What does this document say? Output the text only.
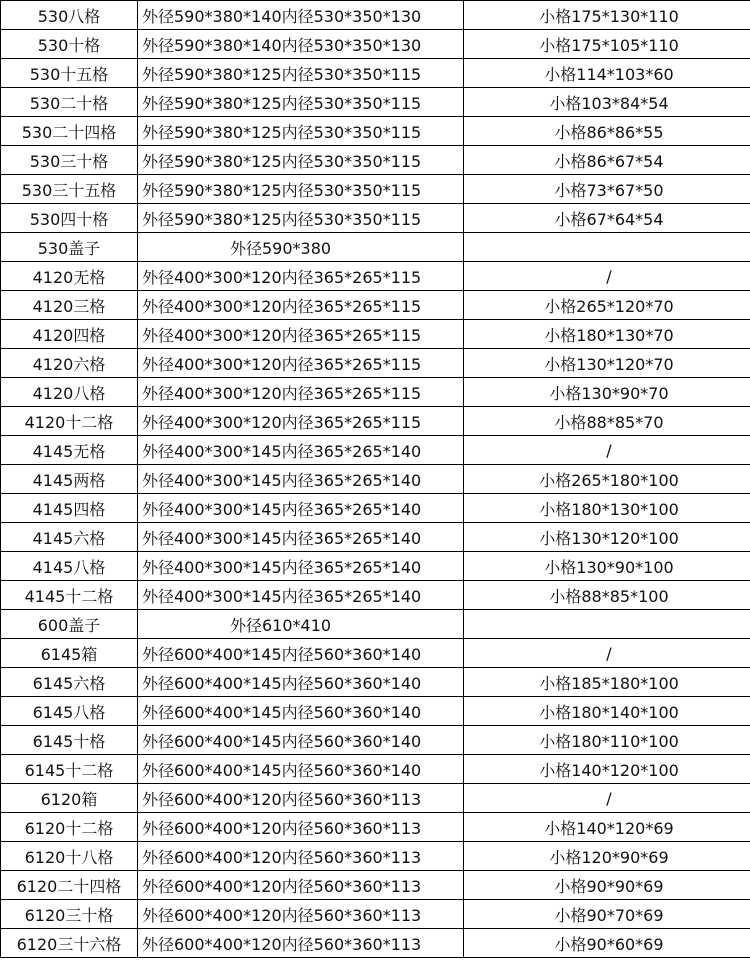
530八格	外径590*380*140内径530*350*130	小格175*130*110
530十格	外径590*380*140内径530*350*130	小格175*105*110
530十五格	外径590*380*125内径530*350*115	小格114*103*60
530二十格	外径590*380*125内径530*350*115	小格103*84*54
530二十四格	外径590*380*125内径530*350*115	小格86*86*55
530三十格	外径590*380*125内径530*350*115	小格86*67*54
530三十五格	外径590*380*125内径530*350*115	小格73*67*50
530四十格	外径590*380*125内径530*350*115	小格67*64*54
530盖子	外径590*380	
4120无格	外径400*300*120内径365*265*115	/
4120三格	外径400*300*120内径365*265*115	小格265*120*70
4120四格	外径400*300*120内径365*265*115	小格180*130*70
4120六格	外径400*300*120内径365*265*115	小格130*120*70
4120八格	外径400*300*120内径365*265*115	小格130*90*70
4120十二格	外径400*300*120内径365*265*115	小格88*85*70
4145无格	外径400*300*145内径365*265*140	/
4145两格	外径400*300*145内径365*265*140	小格265*180*100
4145四格	外径400*300*145内径365*265*140	小格180*130*100
4145六格	外径400*300*145内径365*265*140	小格130*120*100
4145八格	外径400*300*145内径365*265*140	小格130*90*100
4145十二格	外径400*300*145内径365*265*140	小格88*85*100
600盖子	外径610*410	
6145箱	外径600*400*145内径560*360*140	/
6145六格	外径600*400*145内径560*360*140	小格185*180*100
6145八格	外径600*400*145内径560*360*140	小格180*140*100
6145十格	外径600*400*145内径560*360*140	小格180*110*100
6145十二格	外径600*400*145内径560*360*140	小格140*120*100
6120箱	外径600*400*120内径560*360*113	/
6120十二格	外径600*400*120内径560*360*113	小格140*120*69
6120十八格	外径600*400*120内径560*360*113	小格120*90*69
6120二十四格	外径600*400*120内径560*360*113	小格90*90*69
6120三十格	外径600*400*120内径560*360*113	小格90*70*69
6120三十六格	外径600*400*120内径560*360*113	小格90*60*69
